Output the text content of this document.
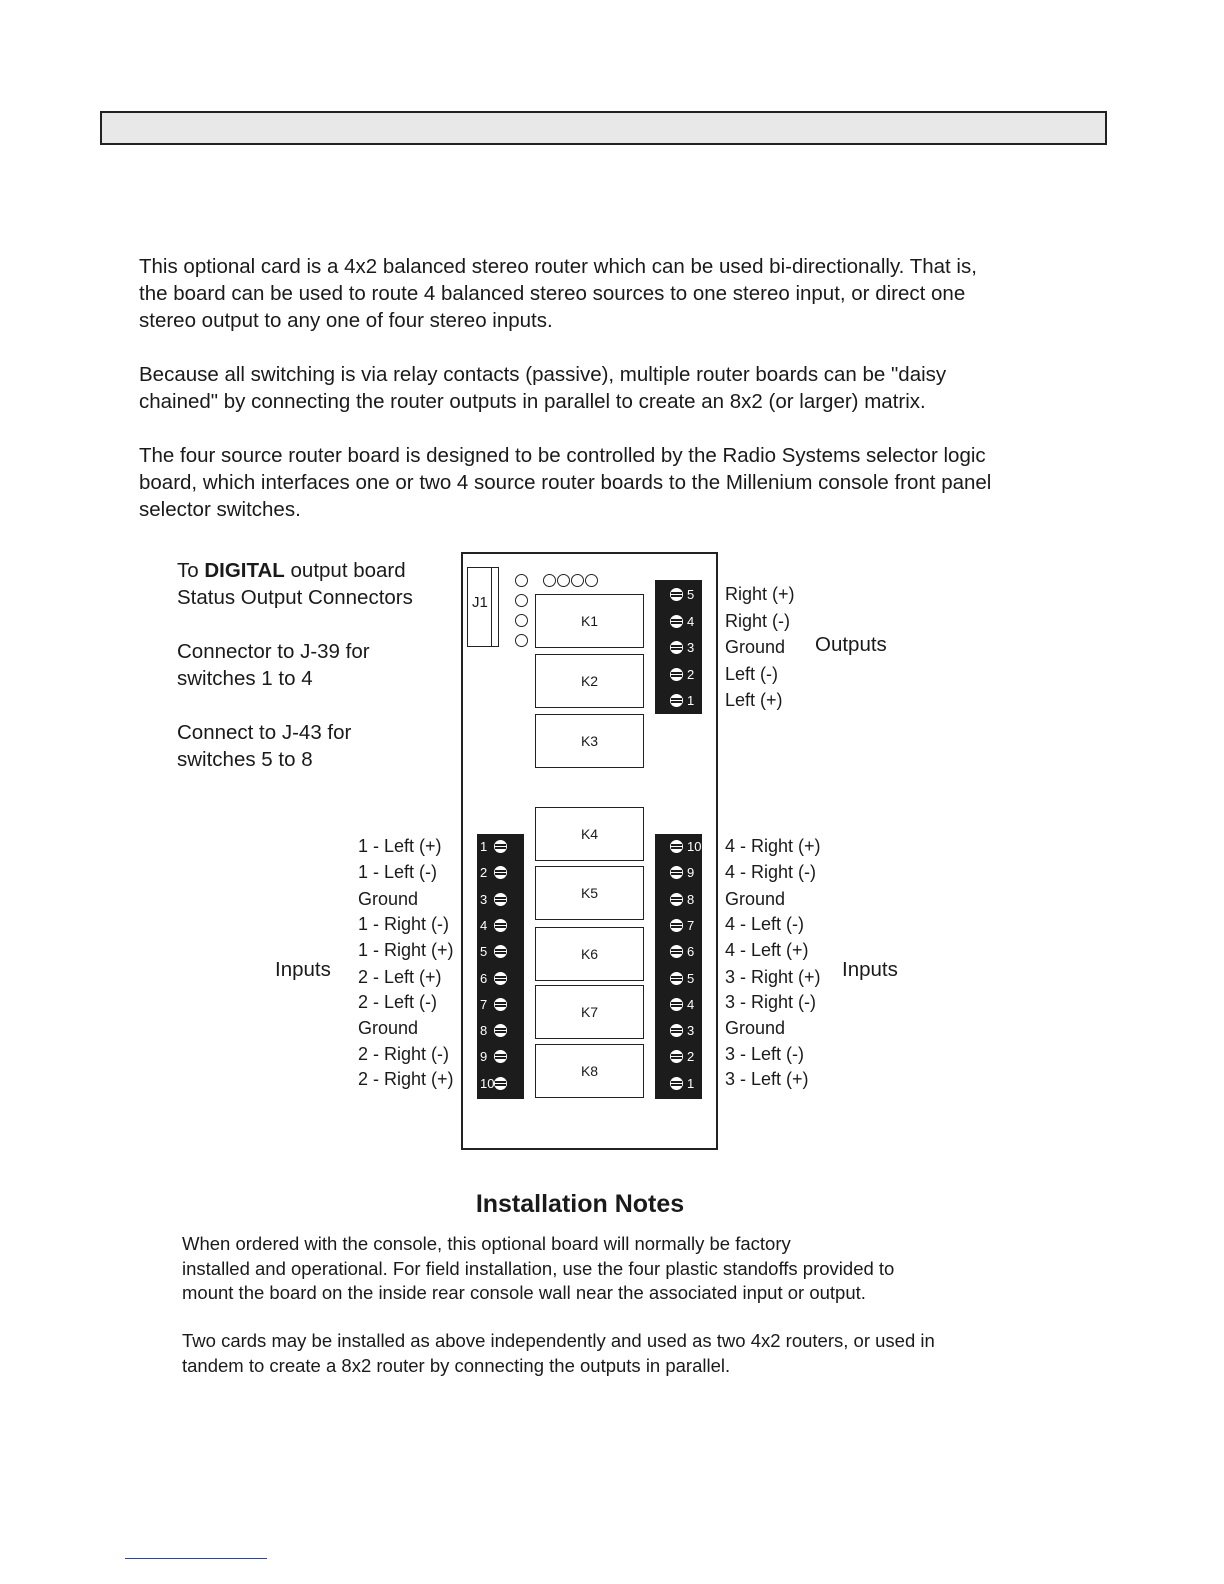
This optional card is a 4x2 balanced stereo router which can be used bi-directionally. That is,
the board can be used to route 4 balanced stereo sources to one stereo input, or direct one
stereo output to any one of four stereo inputs.

Because all switching is via relay contacts (passive), multiple router boards can be "daisy
chained" by connecting the router outputs in parallel to create an 8x2 (or larger) matrix.

The four source router board is designed to be controlled by the Radio Systems selector logic
board, which interfaces one or two 4 source router boards to the Millenium console front panel
selector switches.

To DIGITAL output board
Status Output Connectors

Connector to J-39 for
switches 1 to 4

Connect to J-43 for
switches 5 to 8

J1
K1
K2
K3
K4
K5
K6
K7
K8
5 Right (+)
4 Right (-)
3 Ground
2 Left (-)
1 Left (+)
1
1 - Left (+)
2
1 - Left (-)
3
Ground
4
1 - Right (-)
5
1 - Right (+)
6
2 - Left (+)
7
2 - Left (-)
8
Ground
9
2 - Right (-)
10
2 - Right (+)
10 4 - Right (+)
9 4 - Right (-)
8 Ground
7 4 - Left (-)
6 4 - Left (+)
5 3 - Right (+)
4 3 - Right (-)
3 Ground
2 3 - Left (-)
1 3 - Left (+)
Outputs
Inputs	Inputs
Installation Notes

When ordered with the console, this optional board will normally be factory
installed and operational. For field installation, use the four plastic standoffs provided to
mount the board on the inside rear console wall near the associated input or output.

Two cards may be installed as above independently and used as two 4x2 routers, or used in
tandem to create a 8x2 router by connecting the outputs in parallel.
